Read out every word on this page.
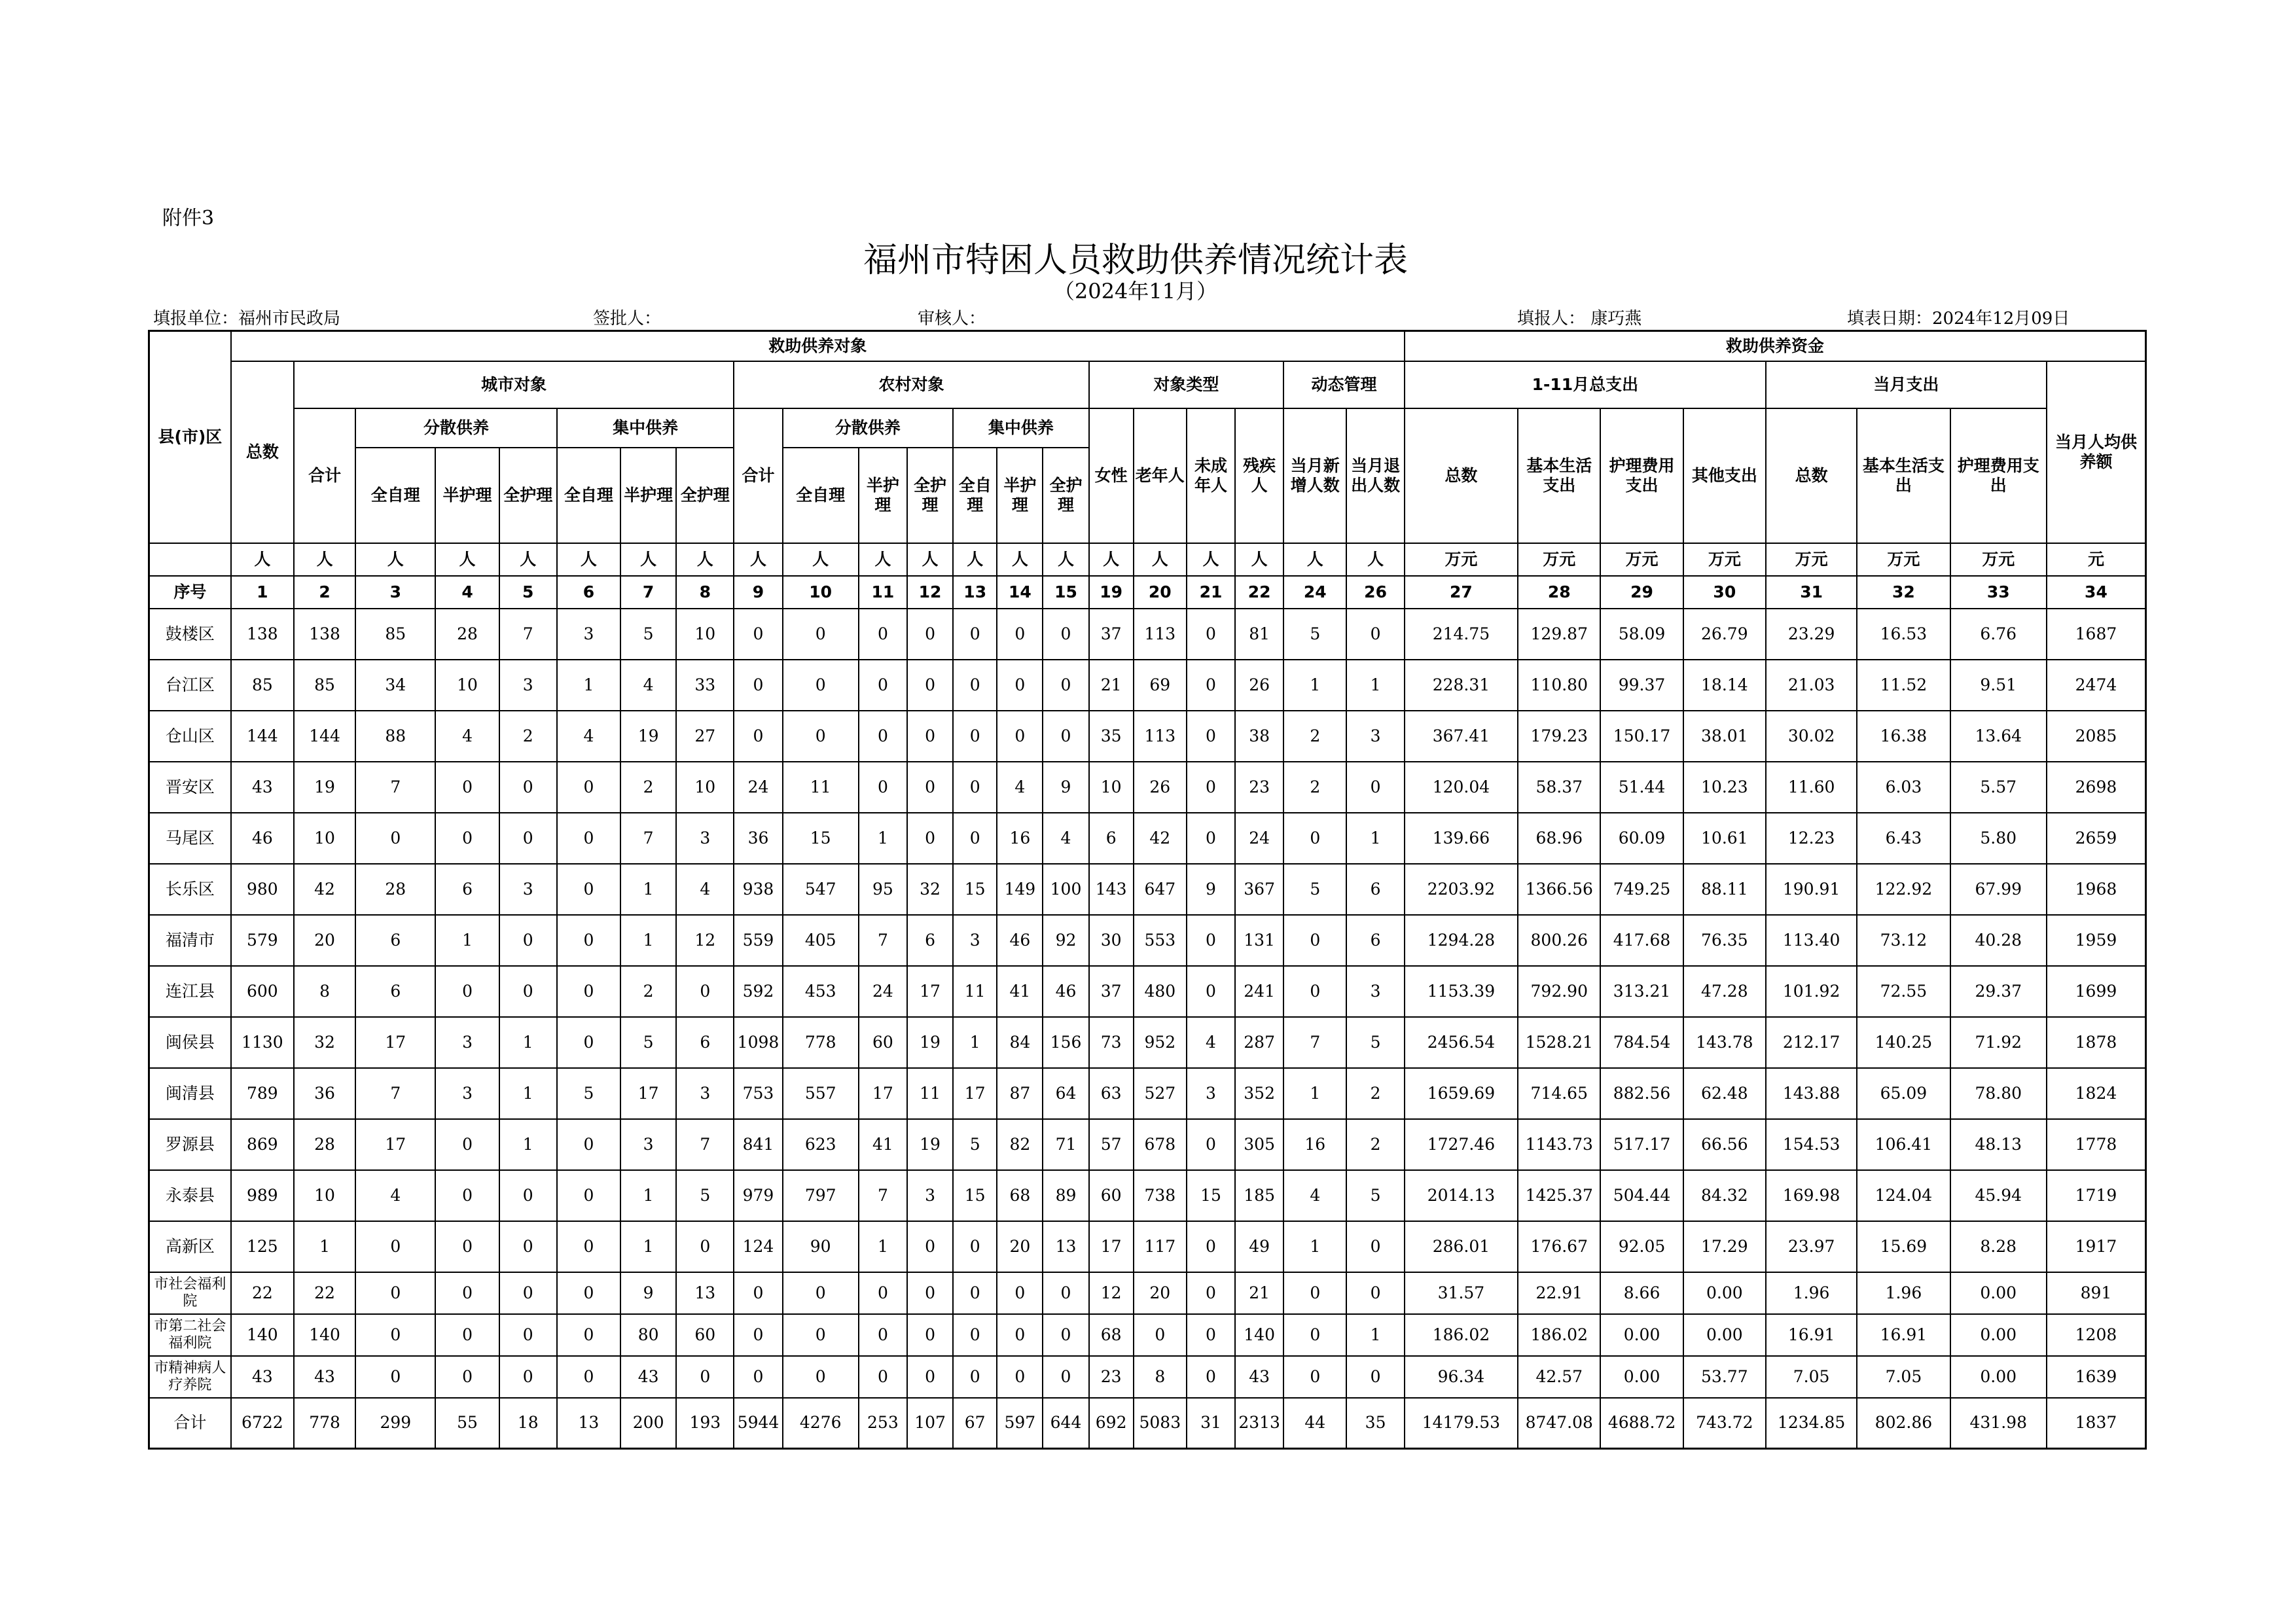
附件3
福州市特困人员救助供养情况统计表
（2024年11月）
填报单位：福州市民政局	签批人：	审核人：	填报人： 康巧燕	填表日期：2024年12月09日
县(市)区	救助供养对象																					救助供养资金							
	总数	城市对象							农村对象							对象类型				动态管理		1-11月总支出				当月支出			当月人均供养额
		合计	分散供养			集中供养			合计	分散供养			集中供养			女性	老年人	未成年人	残疾人	当月新增人数	当月退出人数	总数	基本生活支出	护理费用支出	其他支出	总数	基本生活支出	护理费用支出	
			全自理	半护理	全护理	全自理	半护理	全护理		全自理	半护理	全护理	全自理	半护理	全护理														
	人	人	人	人	人	人	人	人	人	人	人	人	人	人	人	人	人	人	人	人	人	万元	万元	万元	万元	万元	万元	万元	元
序号	1	2	3	4	5	6	7	8	9	10	11	12	13	14	15	19	20	21	22	24	26	27	28	29	30	31	32	33	34
鼓楼区	138	138	85	28	7	3	5	10	0	0	0	0	0	0	0	37	113	0	81	5	0	214.75	129.87	58.09	26.79	23.29	16.53	6.76	1687
台江区	85	85	34	10	3	1	4	33	0	0	0	0	0	0	0	21	69	0	26	1	1	228.31	110.80	99.37	18.14	21.03	11.52	9.51	2474
仓山区	144	144	88	4	2	4	19	27	0	0	0	0	0	0	0	35	113	0	38	2	3	367.41	179.23	150.17	38.01	30.02	16.38	13.64	2085
晋安区	43	19	7	0	0	0	2	10	24	11	0	0	0	4	9	10	26	0	23	2	0	120.04	58.37	51.44	10.23	11.60	6.03	5.57	2698
马尾区	46	10	0	0	0	0	7	3	36	15	1	0	0	16	4	6	42	0	24	0	1	139.66	68.96	60.09	10.61	12.23	6.43	5.80	2659
长乐区	980	42	28	6	3	0	1	4	938	547	95	32	15	149	100	143	647	9	367	5	6	2203.92	1366.56	749.25	88.11	190.91	122.92	67.99	1968
福清市	579	20	6	1	0	0	1	12	559	405	7	6	3	46	92	30	553	0	131	0	6	1294.28	800.26	417.68	76.35	113.40	73.12	40.28	1959
连江县	600	8	6	0	0	0	2	0	592	453	24	17	11	41	46	37	480	0	241	0	3	1153.39	792.90	313.21	47.28	101.92	72.55	29.37	1699
闽侯县	1130	32	17	3	1	0	5	6	1098	778	60	19	1	84	156	73	952	4	287	7	5	2456.54	1528.21	784.54	143.78	212.17	140.25	71.92	1878
闽清县	789	36	7	3	1	5	17	3	753	557	17	11	17	87	64	63	527	3	352	1	2	1659.69	714.65	882.56	62.48	143.88	65.09	78.80	1824
罗源县	869	28	17	0	1	0	3	7	841	623	41	19	5	82	71	57	678	0	305	16	2	1727.46	1143.73	517.17	66.56	154.53	106.41	48.13	1778
永泰县	989	10	4	0	0	0	1	5	979	797	7	3	15	68	89	60	738	15	185	4	5	2014.13	1425.37	504.44	84.32	169.98	124.04	45.94	1719
高新区	125	1	0	0	0	0	1	0	124	90	1	0	0	20	13	17	117	0	49	1	0	286.01	176.67	92.05	17.29	23.97	15.69	8.28	1917
市社会福利院	22	22	0	0	0	0	9	13	0	0	0	0	0	0	0	12	20	0	21	0	0	31.57	22.91	8.66	0.00	1.96	1.96	0.00	891
市第二社会福利院	140	140	0	0	0	0	80	60	0	0	0	0	0	0	0	68	0	0	140	0	1	186.02	186.02	0.00	0.00	16.91	16.91	0.00	1208
市精神病人疗养院	43	43	0	0	0	0	43	0	0	0	0	0	0	0	0	23	8	0	43	0	0	96.34	42.57	0.00	53.77	7.05	7.05	0.00	1639
合计	6722	778	299	55	18	13	200	193	5944	4276	253	107	67	597	644	692	5083	31	2313	44	35	14179.53	8747.08	4688.72	743.72	1234.85	802.86	431.98	1837
